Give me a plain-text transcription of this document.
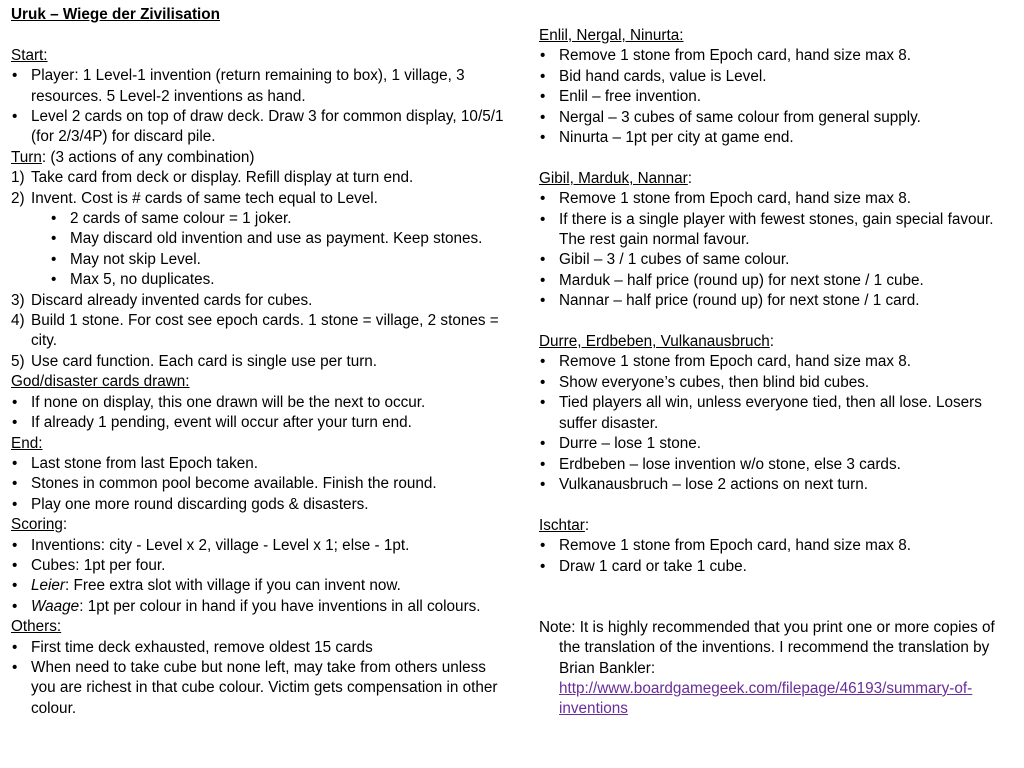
Uruk – Wiege der Zivilisation
Start:
• Player: 1 Level-1 invention (return remaining to box), 1 village, 3 resources. 5 Level-2 inventions as hand.
• Level 2 cards on top of draw deck. Draw 3 for common display, 10/5/1 (for 2/3/4P) for discard pile.
Turn: (3 actions of any combination)
1) Take card from deck or display. Refill display at turn end.
2) Invent. Cost is # cards of same tech equal to Level.
• 2 cards of same colour = 1 joker.
• May discard old invention and use as payment. Keep stones.
• May not skip Level.
• Max 5, no duplicates.
3) Discard already invented cards for cubes.
4) Build 1 stone. For cost see epoch cards. 1 stone = village, 2 stones = city.
5) Use card function. Each card is single use per turn.
God/disaster cards drawn:
• If none on display, this one drawn will be the next to occur.
• If already 1 pending, event will occur after your turn end.
End:
• Last stone from last Epoch taken.
• Stones in common pool become available. Finish the round.
• Play one more round discarding gods & disasters.
Scoring:
• Inventions: city - Level x 2, village - Level x 1; else - 1pt.
• Cubes: 1pt per four.
• Leier: Free extra slot with village if you can invent now.
• Waage: 1pt per colour in hand if you have inventions in all colours.
Others:
• First time deck exhausted, remove oldest 15 cards
• When need to take cube but none left, may take from others unless you are richest in that cube colour. Victim gets compensation in other colour.
Enlil, Nergal, Ninurta:
• Remove 1 stone from Epoch card, hand size max 8.
• Bid hand cards, value is Level.
• Enlil – free invention.
• Nergal – 3 cubes of same colour from general supply.
• Ninurta – 1pt per city at game end.
Gibil, Marduk, Nannar:
• Remove 1 stone from Epoch card, hand size max 8.
• If there is a single player with fewest stones, gain special favour. The rest gain normal favour.
• Gibil – 3 / 1 cubes of same colour.
• Marduk – half price (round up) for next stone / 1 cube.
• Nannar – half price (round up) for next stone / 1 card.
Durre, Erdbeben, Vulkanausbruch:
• Remove 1 stone from Epoch card, hand size max 8.
• Show everyone’s cubes, then blind bid cubes.
• Tied players all win, unless everyone tied, then all lose. Losers suffer disaster.
• Durre – lose 1 stone.
• Erdbeben – lose invention w/o stone, else 3 cards.
• Vulkanausbruch – lose 2 actions on next turn.
Ischtar:
• Remove 1 stone from Epoch card, hand size max 8.
• Draw 1 card or take 1 cube.
Note: It is highly recommended that you print one or more copies of the translation of the inventions. I recommend the translation by Brian Bankler: http://www.boardgamegeek.com/filepage/46193/summary-of-inventions
